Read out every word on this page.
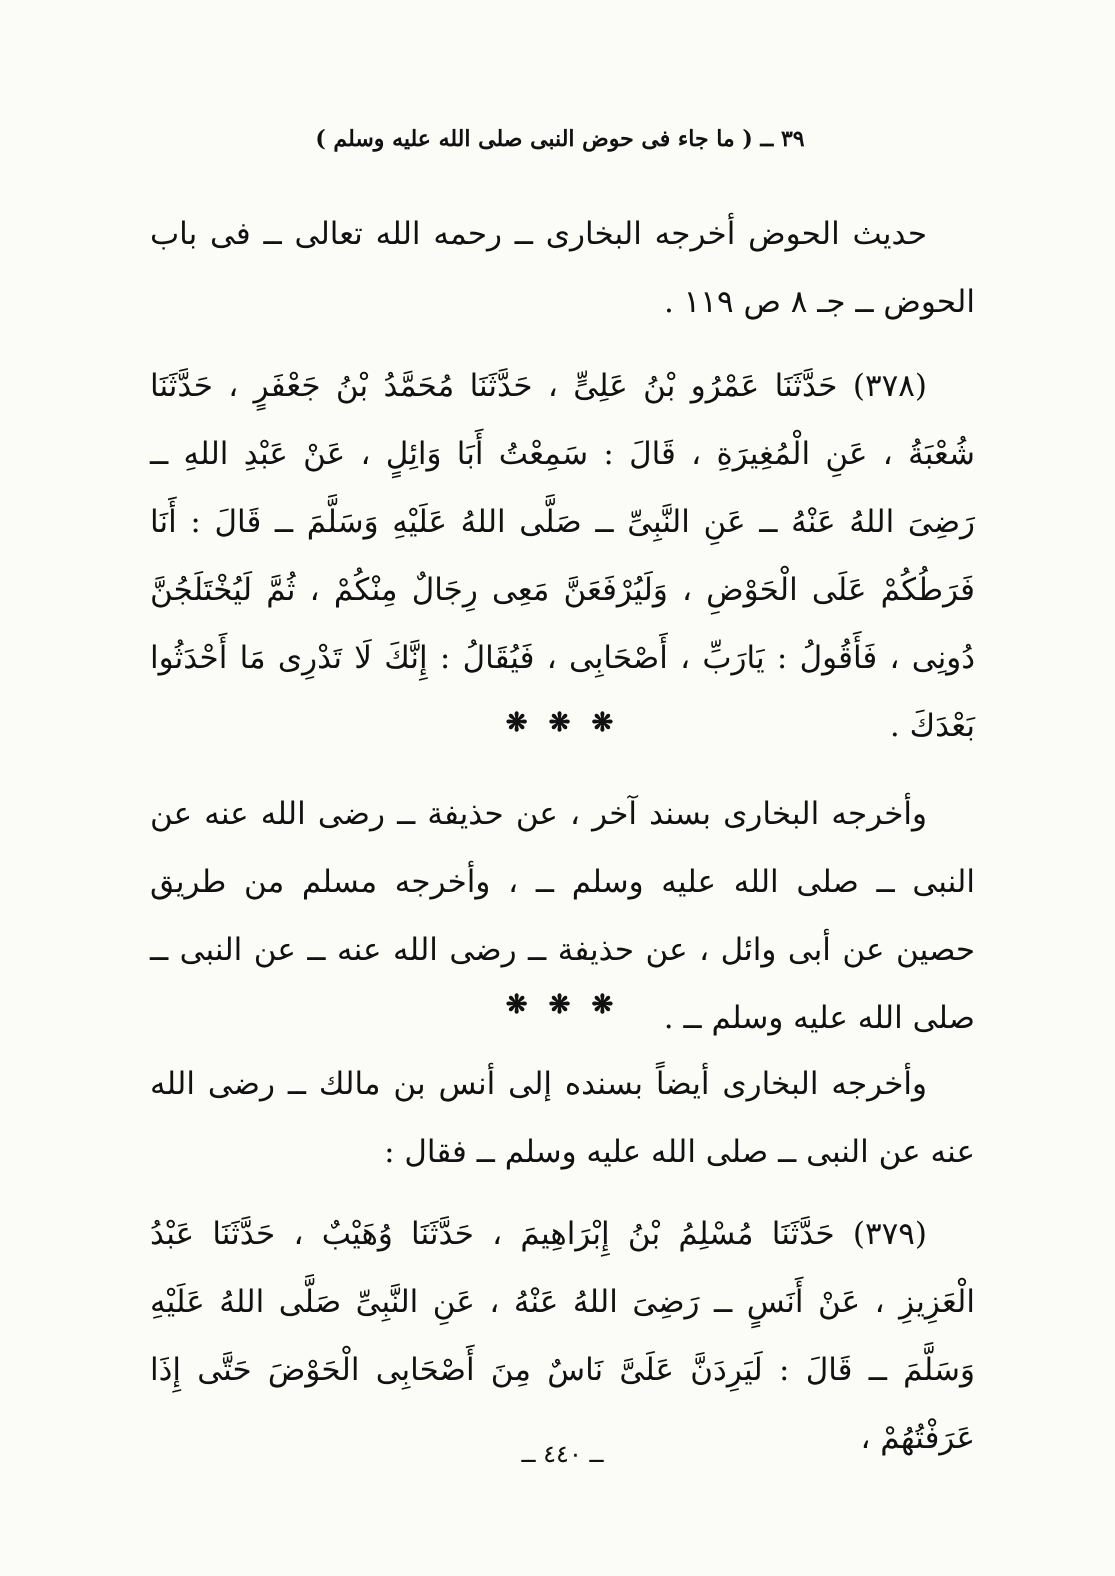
٣٩ ــ ( ما جاء فى حوض النبى صلى الله عليه وسلم )
حديث الحوض أخرجه البخارى ــ رحمه الله تعالى ــ فى باب الحوض ــ جـ ٨ ص ١١٩ .
(٣٧٨) حَدَّثَنَا عَمْرُو بْنُ عَلِىٍّ ، حَدَّثَنَا مُحَمَّدُ بْنُ جَعْفَرٍ ، حَدَّثَنَا شُعْبَةُ ، عَنِ الْمُغِيرَةِ ، قَالَ : سَمِعْتُ أَبَا وَائِلٍ ، عَنْ عَبْدِ اللهِ ــ رَضِىَ اللهُ عَنْهُ ــ عَنِ النَّبِىِّ ــ صَلَّى اللهُ عَلَيْهِ وَسَلَّمَ ــ قَالَ : أَنَا فَرَطُكُمْ عَلَى الْحَوْضِ ، وَلَيُرْفَعَنَّ مَعِى رِجَالٌ مِنْكُمْ ، ثُمَّ لَيُخْتَلَجُنَّ دُونِى ، فَأَقُولُ : يَارَبِّ ، أَصْحَابِى ، فَيُقَالُ : إِنَّكَ لَا تَدْرِى مَا أَحْدَثُوا بَعْدَكَ .
❋ ❋ ❋
وأخرجه البخارى بسند آخر ، عن حذيفة ــ رضى الله عنه عن النبى ــ صلى الله عليه وسلم ــ ، وأخرجه مسلم من طريق حصين عن أبى وائل ، عن حذيفة ــ رضى الله عنه ــ عن النبى ــ صلى الله عليه وسلم ــ .
❋ ❋ ❋
وأخرجه البخارى أيضاً بسنده إلى أنس بن مالك ــ رضى الله عنه عن النبى ــ صلى الله عليه وسلم ــ فقال :
(٣٧٩) حَدَّثَنَا مُسْلِمُ بْنُ إِبْرَاهِيمَ ، حَدَّثَنَا وُهَيْبٌ ، حَدَّثَنَا عَبْدُ الْعَزِيزِ ، عَنْ أَنَسٍ ــ رَضِىَ اللهُ عَنْهُ ، عَنِ النَّبِىِّ صَلَّى اللهُ عَلَيْهِ وَسَلَّمَ ــ قَالَ : لَيَرِدَنَّ عَلَىَّ نَاسٌ مِنَ أَصْحَابِى الْحَوْضَ حَتَّى إِذَا عَرَفْتُهُمْ ،
ــ ٤٤٠ ــ
